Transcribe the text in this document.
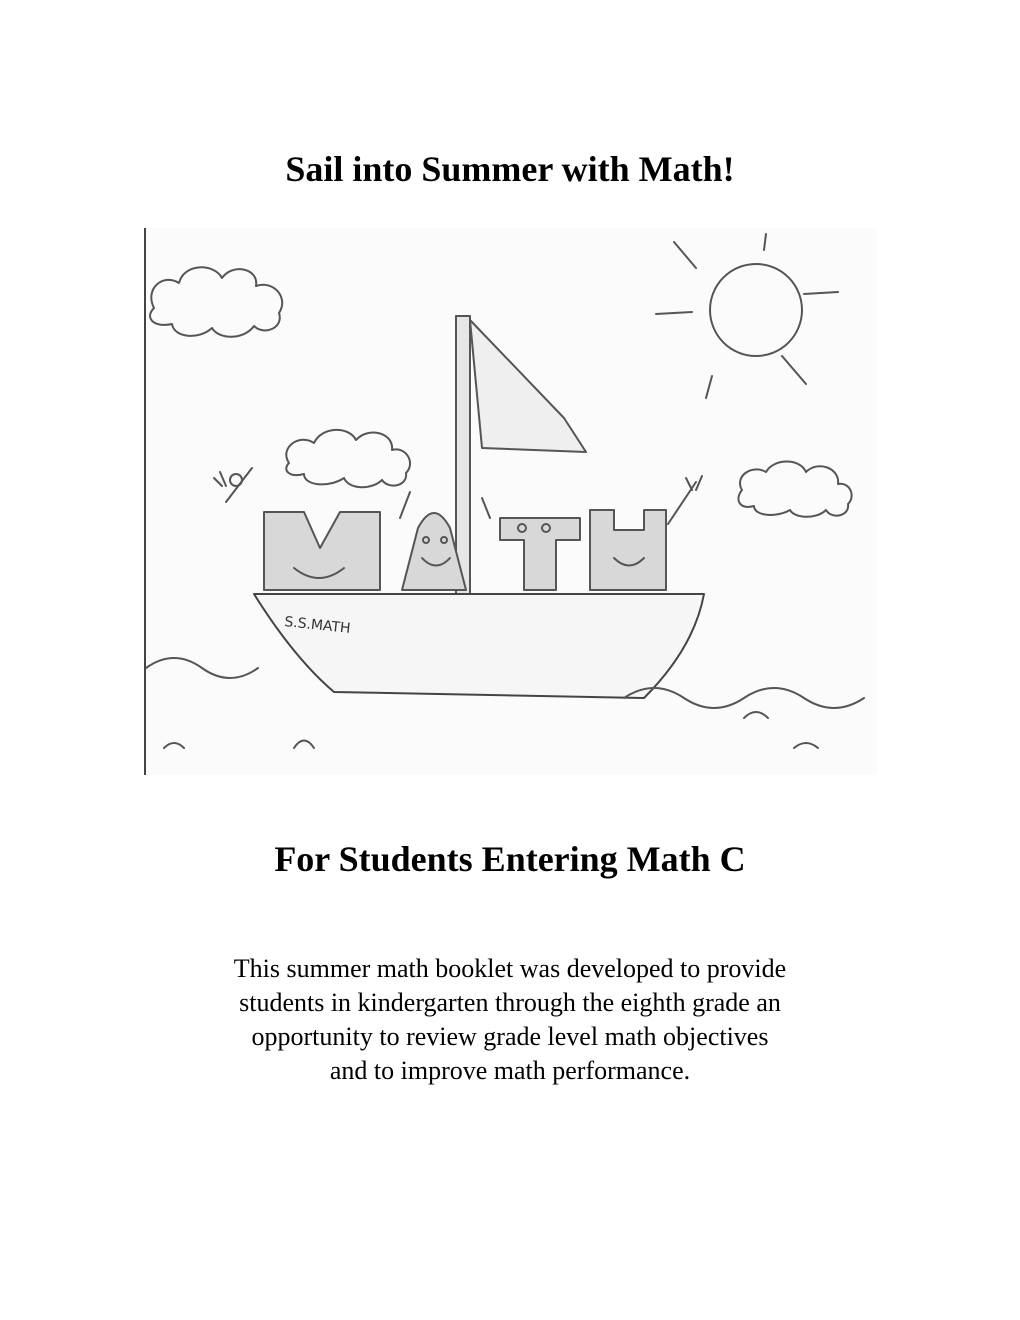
Sail into Summer with Math!
S.S.MATH
For Students Entering Math C
This summer math booklet was developed to provide
students in kindergarten through the eighth grade an
opportunity to review grade level math objectives
and to improve math performance.
